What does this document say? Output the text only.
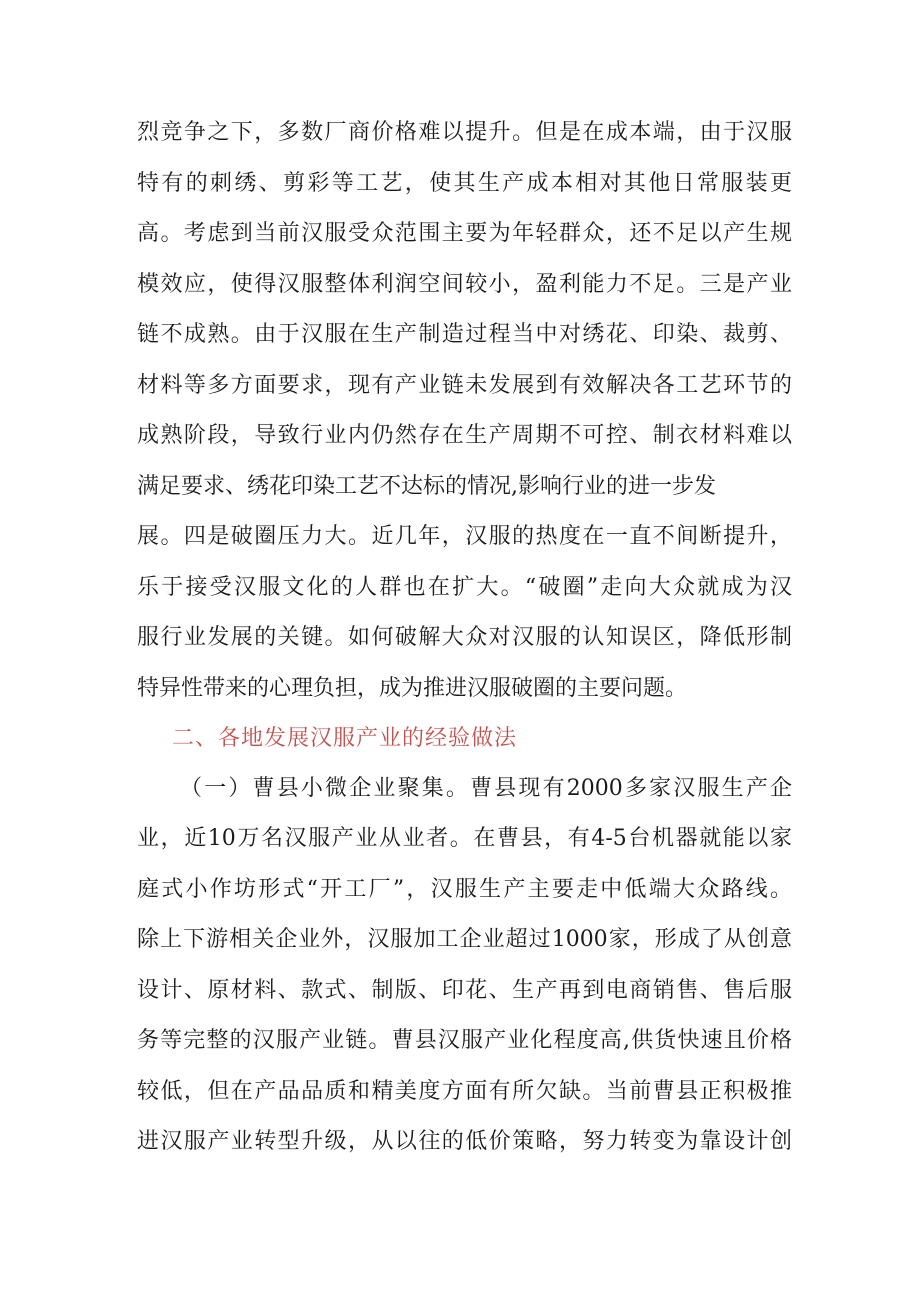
烈竞争之下，多数厂商价格难以提升。但是在成本端，由于汉服
特有的刺绣、剪彩等工艺，使其生产成本相对其他日常服装更
高。考虑到当前汉服受众范围主要为年轻群众，还不足以产生规
模效应，使得汉服整体利润空间较小，盈利能力不足。三是产业
链不成熟。由于汉服在生产制造过程当中对绣花、印染、裁剪、
材料等多方面要求，现有产业链未发展到有效解决各工艺环节的
成熟阶段，导致行业内仍然存在生产周期不可控、制衣材料难以
满足要求、绣花印染工艺不达标的情况,影响行业的进一步发
展。四是破圈压力大。近几年，汉服的热度在一直不间断提升，
乐于接受汉服文化的人群也在扩大。“破圈”走向大众就成为汉
服行业发展的关键。如何破解大众对汉服的认知误区，降低形制
特异性带来的心理负担，成为推进汉服破圈的主要问题。
二、各地发展汉服产业的经验做法
（一）曹县小微企业聚集。曹县现有2000多家汉服生产企
业，近10万名汉服产业从业者。在曹县，有4-5台机器就能以家
庭式小作坊形式“开工厂”，汉服生产主要走中低端大众路线。
除上下游相关企业外，汉服加工企业超过1000家，形成了从创意
设计、原材料、款式、制版、印花、生产再到电商销售、售后服
务等完整的汉服产业链。曹县汉服产业化程度高,供货快速且价格
较低，但在产品品质和精美度方面有所欠缺。当前曹县正积极推
进汉服产业转型升级，从以往的低价策略，努力转变为靠设计创
